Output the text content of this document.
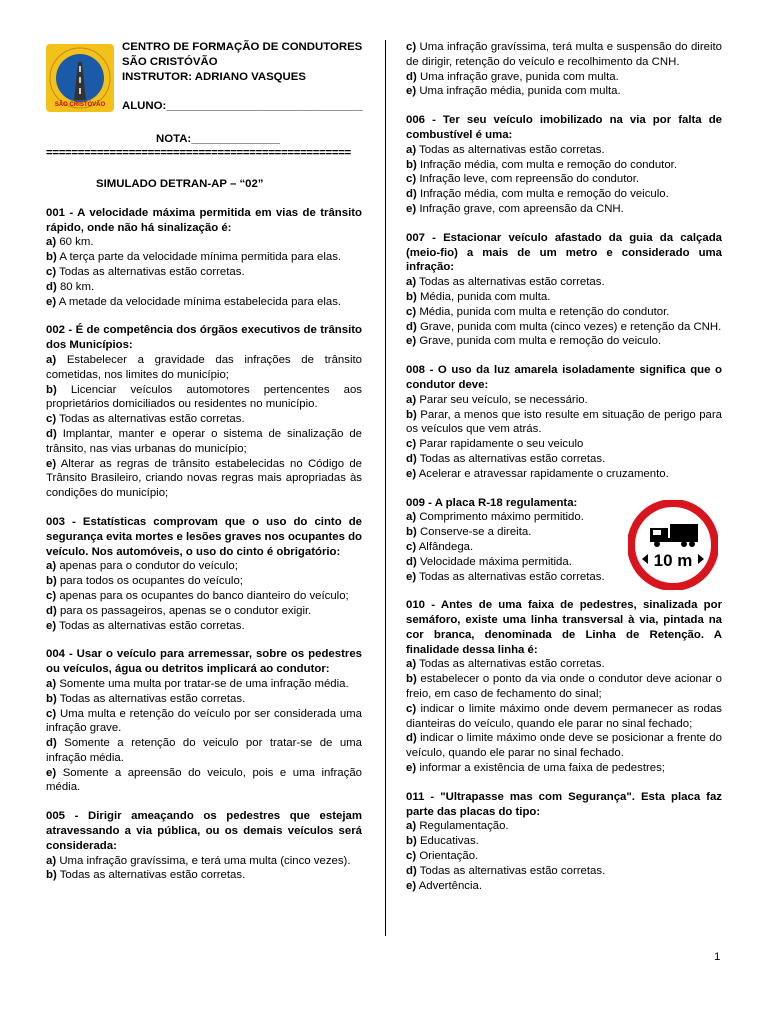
SÃO CRISTÓVÃO
CENTRO DE FORMAÇÃO DE CONDUTORES
SÃO CRISTÓVÃO
INSTRUTOR: ADRIANO VASQUES
ALUNO:_______________________________
NOTA:______________
================================================
SIMULADO DETRAN-AP – “02”
001 - A velocidade máxima permitida em vias de trânsito rápido, onde não há sinalização é:
a) 60 km.
b) A terça parte da velocidade mínima permitida para elas.
c) Todas as alternativas estão corretas.
d) 80 km.
e) A metade da velocidade mínima estabelecida para elas.
002 - É de competência dos órgãos executivos de trânsito dos Municípios:
a) Estabelecer a gravidade das infrações de trânsito cometidas, nos limites do município;
b) Licenciar veículos automotores pertencentes aos proprietários domiciliados ou residentes no município.
c) Todas as alternativas estão corretas.
d) Implantar, manter e operar o sistema de sinalização de trânsito, nas vias urbanas do município;
e) Alterar as regras de trânsito estabelecidas no Código de Trânsito Brasileiro, criando novas regras mais apropriadas às condições do município;
003 - Estatísticas comprovam que o uso do cinto de segurança evita mortes e lesões graves nos ocupantes do veículo. Nos automóveis, o uso do cinto é obrigatório:
a) apenas para o condutor do veículo;
b) para todos os ocupantes do veículo;
c) apenas para os ocupantes do banco dianteiro do veículo;
d) para os passageiros, apenas se o condutor exigir.
e) Todas as alternativas estão corretas.
004 - Usar o veículo para arremessar, sobre os pedestres ou veículos, água ou detritos implicará ao condutor:
a) Somente uma multa por tratar-se de uma infração média.
b) Todas as alternativas estão corretas.
c) Uma multa e retenção do veículo por ser considerada uma infração grave.
d) Somente a retenção do veiculo por tratar-se de uma infração média.
e) Somente a apreensão do veiculo, pois e uma infração média.
005 - Dirigir ameaçando os pedestres que estejam atravessando a via pública, ou os demais veículos será considerada:
a) Uma infração gravíssima, e terá uma multa (cinco vezes).
b) Todas as alternativas estão corretas.
c) Uma infração gravíssima, terá multa e suspensão do direito de dirigir, retenção do veículo e recolhimento da CNH.
d) Uma infração grave, punida com multa.
e) Uma infração média, punida com multa.
006 - Ter seu veículo imobilizado na via por falta de combustível é uma:
a) Todas as alternativas estão corretas.
b) Infração média, com multa e remoção do condutor.
c) Infração leve, com repreensão do condutor.
d) Infração média, com multa e remoção do veiculo.
e) Infração grave, com apreensão da CNH.
007 - Estacionar veículo afastado da guia da calçada (meio-fio) a mais de um metro e considerado uma infração:
a) Todas as alternativas estão corretas.
b) Média, punida com multa.
c) Média, punida com multa e retenção do condutor.
d) Grave, punida com multa (cinco vezes) e retenção da CNH.
e) Grave, punida com multa e remoção do veiculo.
008 - O uso da luz amarela isoladamente significa que o condutor deve:
a) Parar seu veículo, se necessário.
b) Parar, a menos que isto resulte em situação de perigo para os veículos que vem atrás.
c) Parar rapidamente o seu veiculo
d) Todas as alternativas estão corretas.
e) Acelerar e atravessar rapidamente o cruzamento.
009 - A placa R-18 regulamenta:
a) Comprimento máximo permitido.
b) Conserve-se a direita.
c) Alfândega.
d) Velocidade máxima permitida.
e) Todas as alternativas estão corretas.
10 m
010 - Antes de uma faixa de pedestres, sinalizada por semáforo, existe uma linha transversal à via, pintada na cor branca, denominada de Linha de Retenção. A finalidade dessa linha é:
a) Todas as alternativas estão corretas.
b) estabelecer o ponto da via onde o condutor deve acionar o freio, em caso de fechamento do sinal;
c) indicar o limite máximo onde devem permanecer as rodas dianteiras do veículo, quando ele parar no sinal fechado;
d) indicar o limite máximo onde deve se posicionar a frente do veículo, quando ele parar no sinal fechado.
e) informar a existência de uma faixa de pedestres;
011 - "Ultrapasse mas com Segurança". Esta placa faz parte das placas do tipo:
a) Regulamentação.
b) Educativas.
c) Orientação.
d) Todas as alternativas estão corretas.
e) Advertência.
1
